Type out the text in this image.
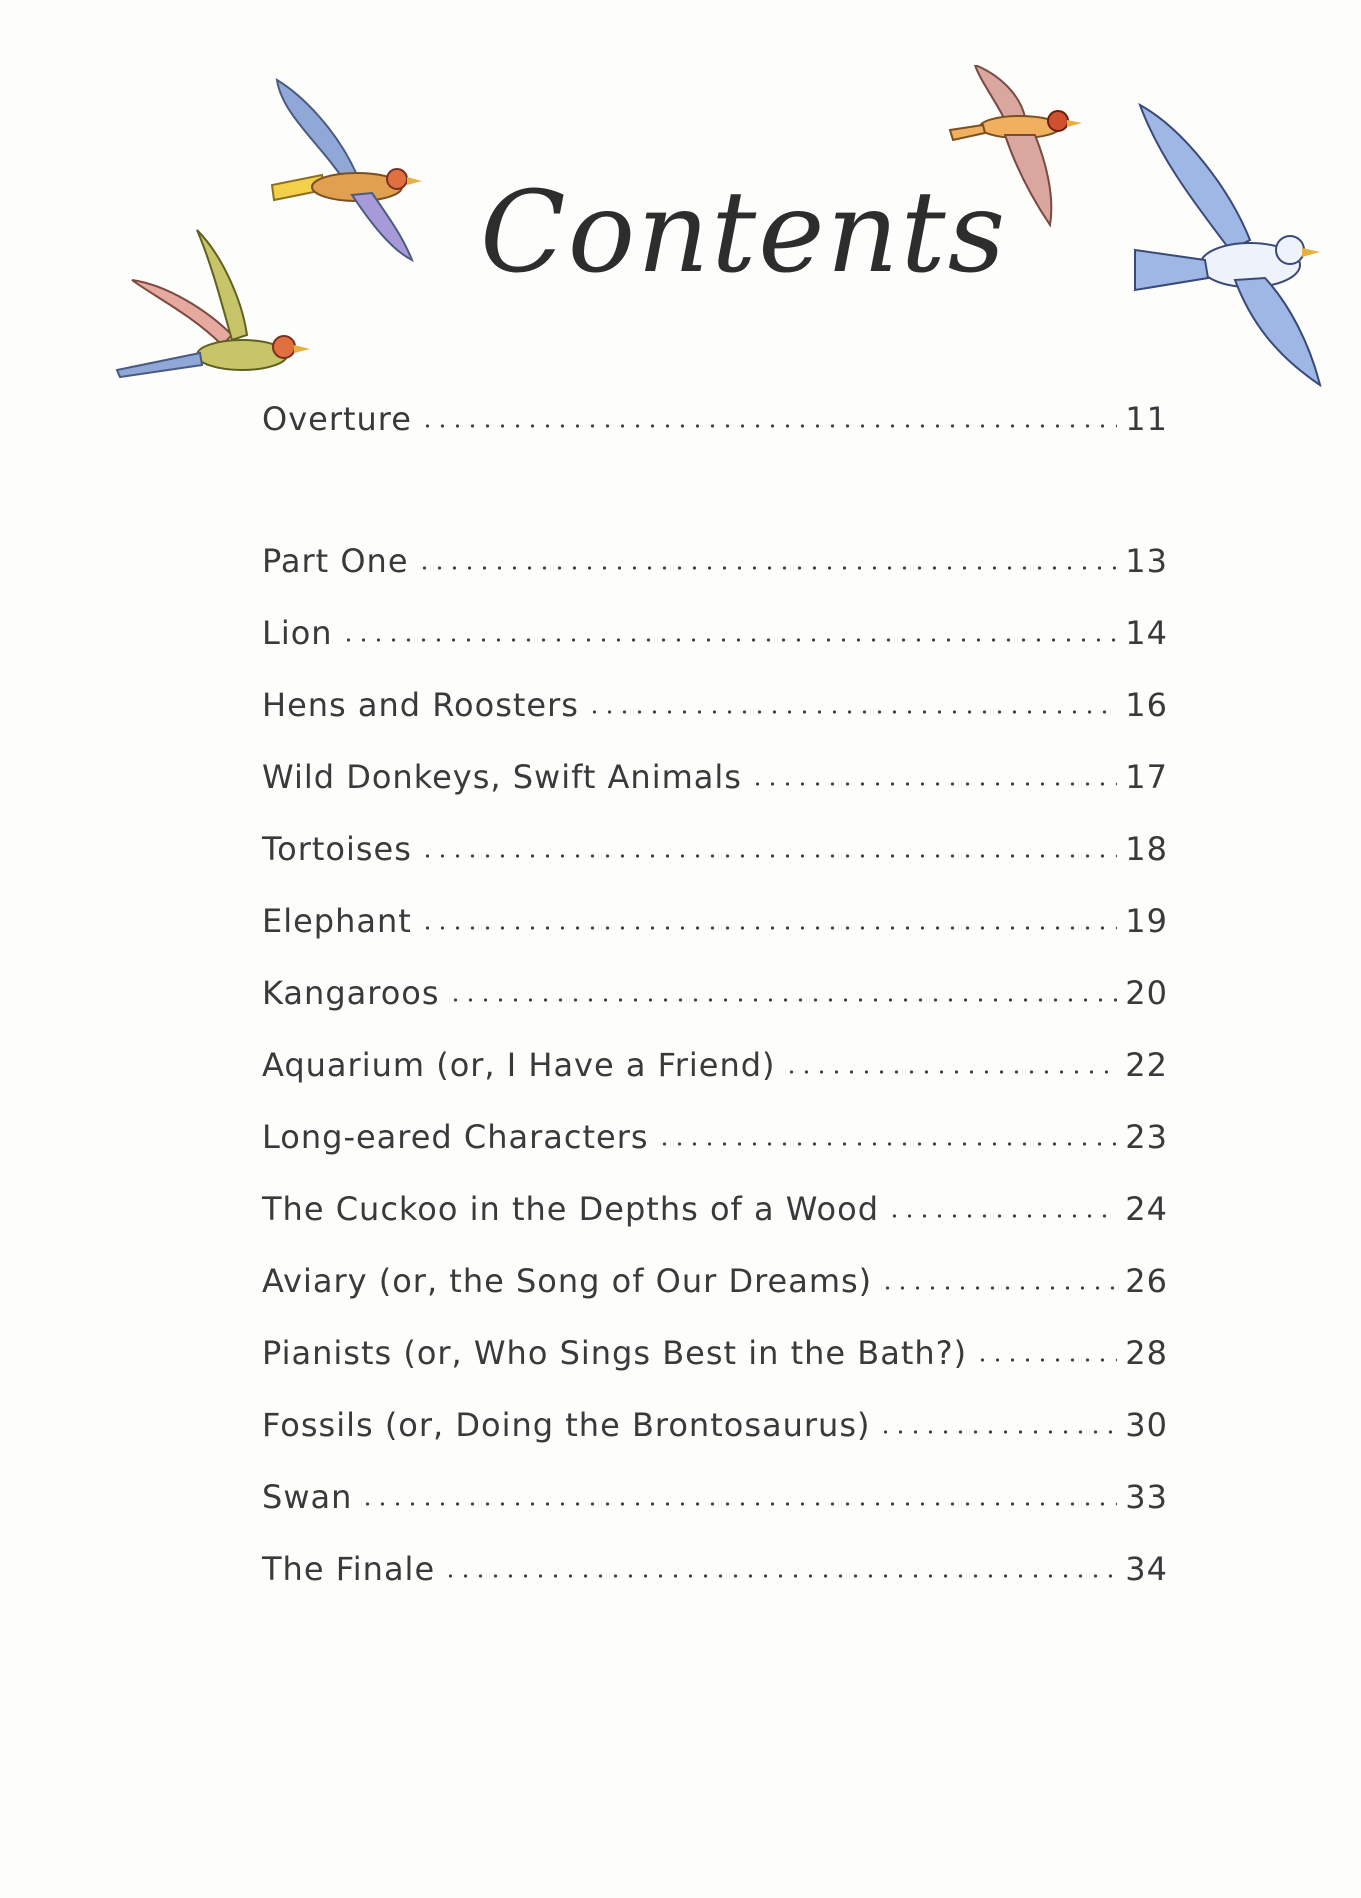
Contents
Overture	11
Part One	13
Lion	14
Hens and Roosters	16
Wild Donkeys, Swift Animals	17
Tortoises	18
Elephant	19
Kangaroos	20
Aquarium (or, I Have a Friend)	22
Long-eared Characters	23
The Cuckoo in the Depths of a Wood	24
Aviary (or, the Song of Our Dreams)	26
Pianists (or, Who Sings Best in the Bath?)	28
Fossils (or, Doing the Brontosaurus)	30
Swan	33
The Finale	34
